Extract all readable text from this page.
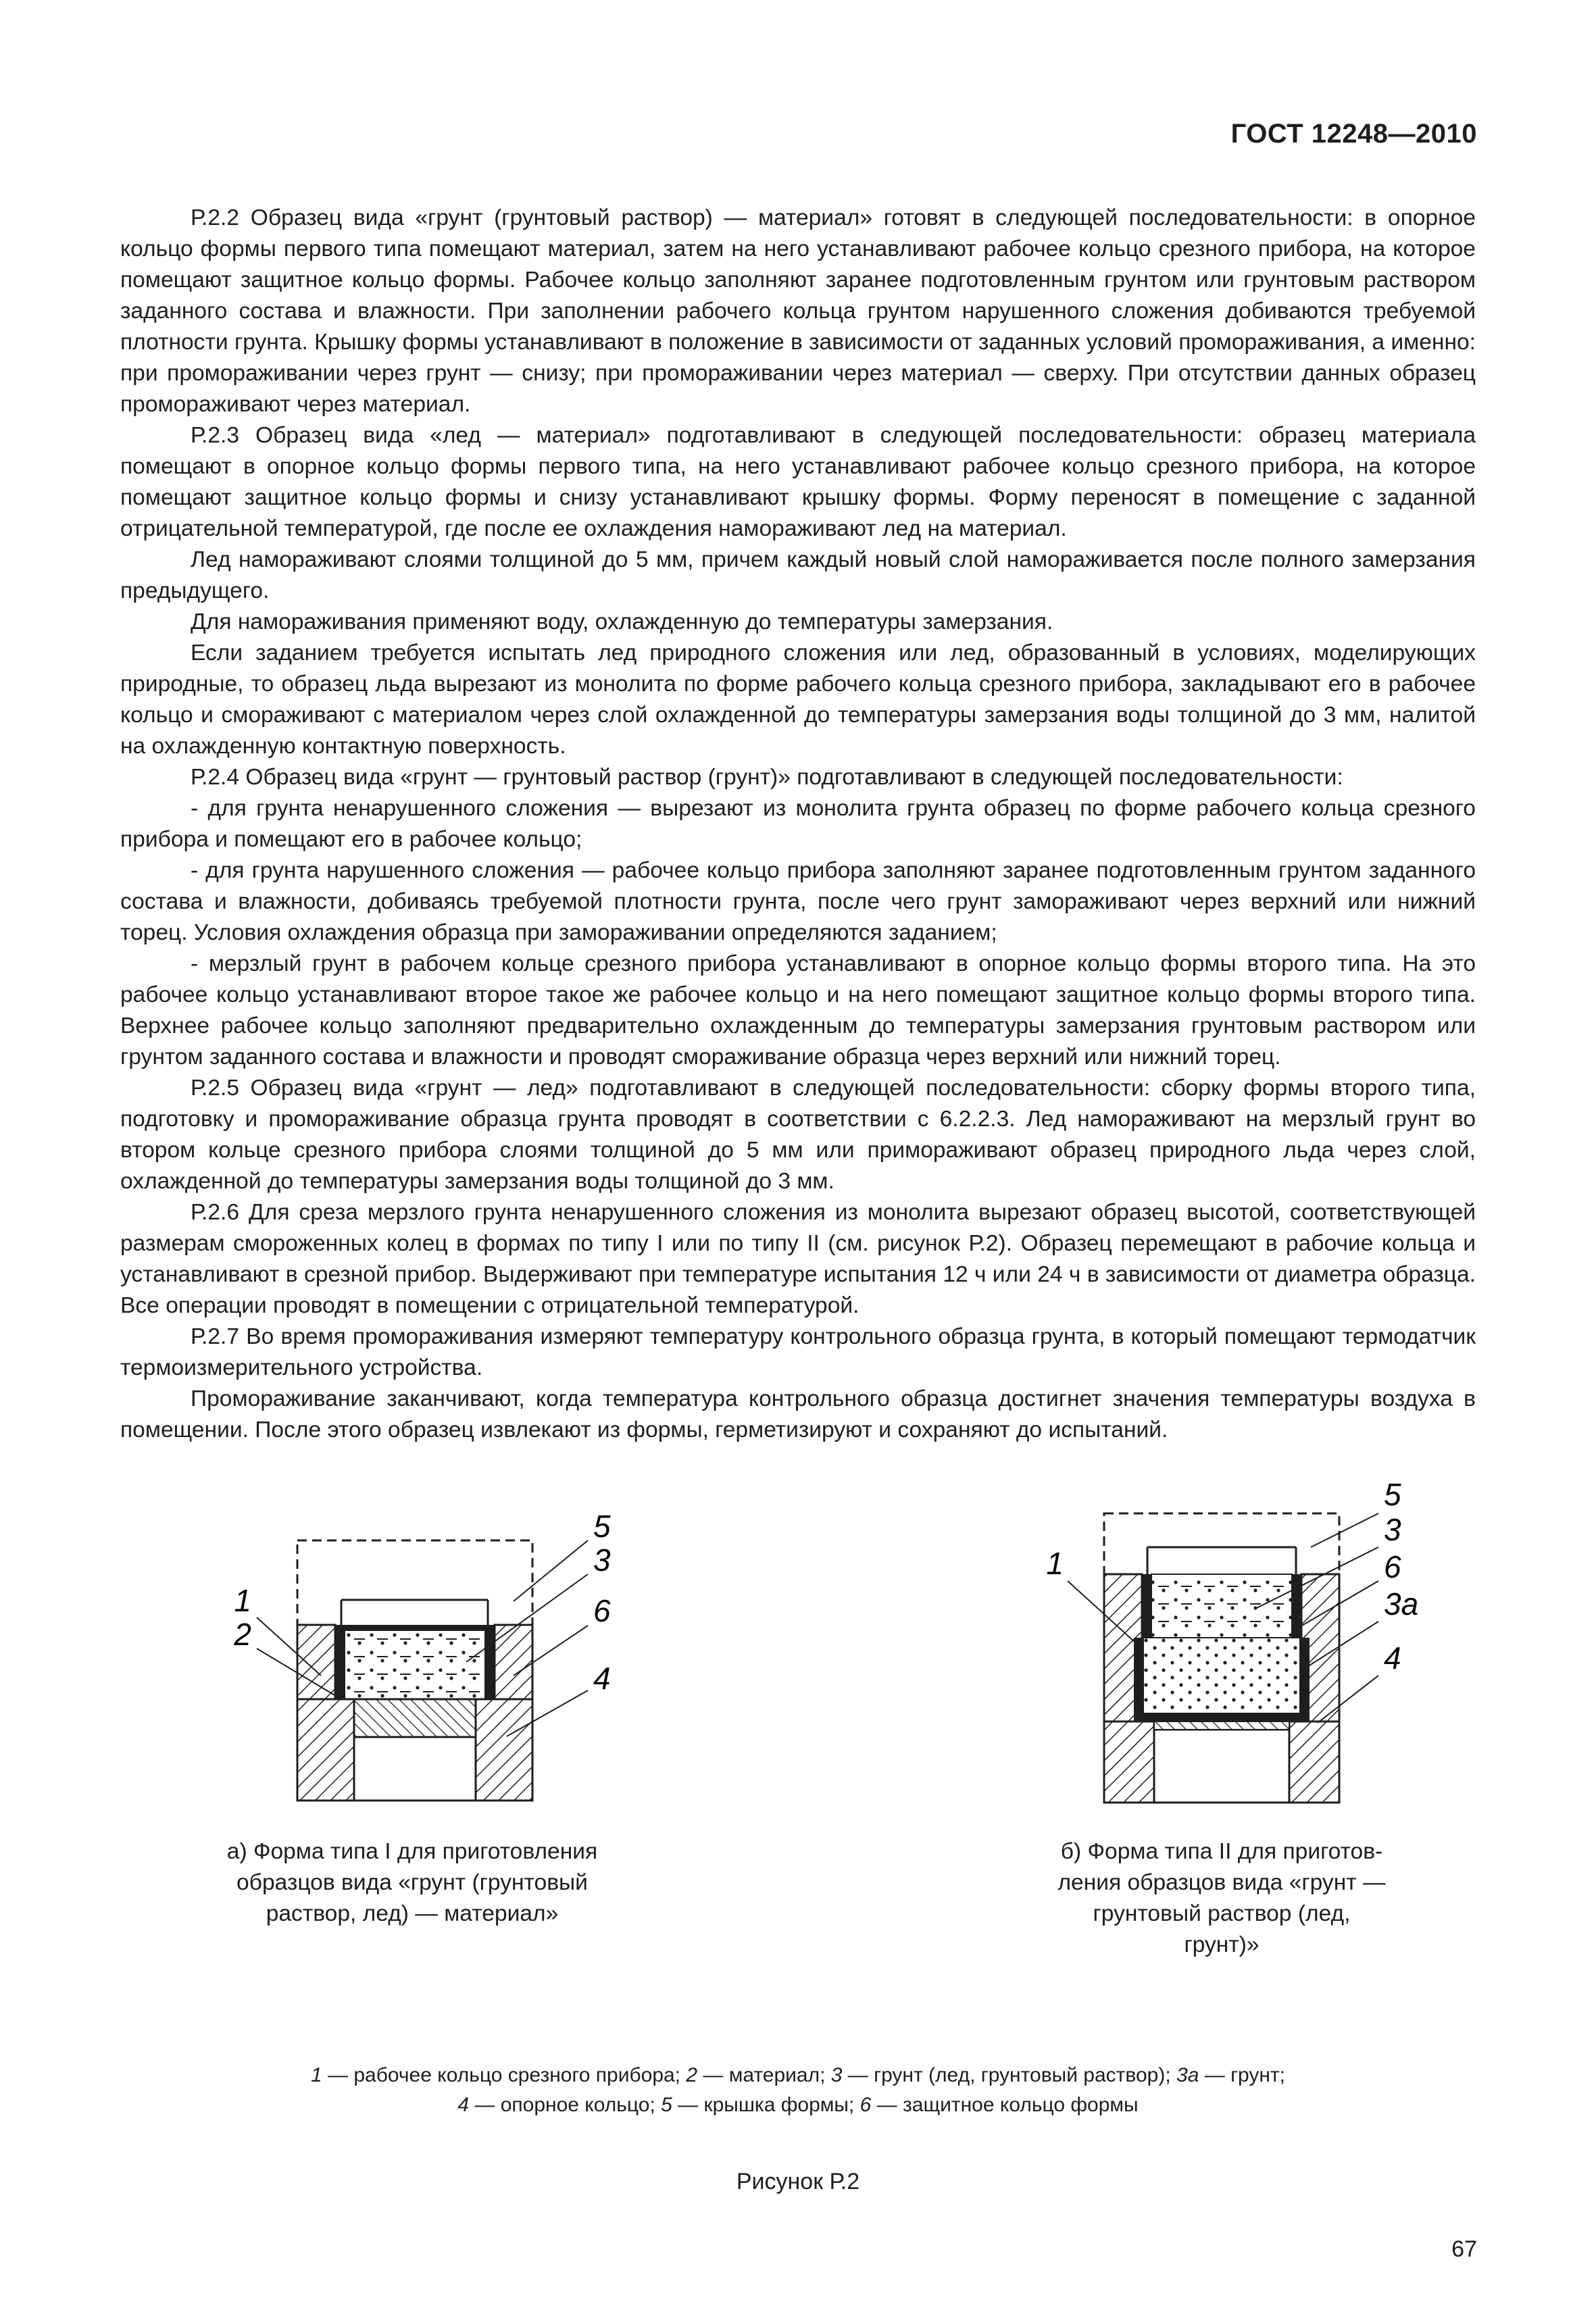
ГОСТ 12248—2010

Р.2.2 Образец вида «грунт (грунтовый раствор) — материал» готовят в следующей последовательности: в опорное кольцо формы первого типа помещают материал, затем на него устанавливают рабочее кольцо срезного прибора, на которое помещают защитное кольцо формы. Рабочее кольцо заполняют заранее подготовленным грунтом или грунтовым раствором заданного состава и влажности. При заполнении рабочего кольца грунтом нарушенного сложения добиваются требуемой плотности грунта. Крышку формы устанавливают в положение в зависимости от заданных условий промораживания, а именно: при промораживании через грунт — снизу; при промораживании через материал — сверху. При отсутствии данных образец промораживают через материал.

Р.2.3 Образец вида «лед — материал» подготавливают в следующей последовательности: образец материала помещают в опорное кольцо формы первого типа, на него устанавливают рабочее кольцо срезного прибора, на которое помещают защитное кольцо формы и снизу устанавливают крышку формы. Форму переносят в помещение с заданной отрицательной температурой, где после ее охлаждения намораживают лед на материал.

Лед намораживают слоями толщиной до 5 мм, причем каждый новый слой намораживается после полного замерзания предыдущего.

Для намораживания применяют воду, охлажденную до температуры замерзания.

Если заданием требуется испытать лед природного сложения или лед, образованный в условиях, моделирующих природные, то образец льда вырезают из монолита по форме рабочего кольца срезного прибора, закладывают его в рабочее кольцо и смораживают с материалом через слой охлажденной до температуры замерзания воды толщиной до 3 мм, налитой на охлажденную контактную поверхность.

Р.2.4 Образец вида «грунт — грунтовый раствор (грунт)» подготавливают в следующей последовательности:

- для грунта ненарушенного сложения — вырезают из монолита грунта образец по форме рабочего кольца срезного прибора и помещают его в рабочее кольцо;

- для грунта нарушенного сложения — рабочее кольцо прибора заполняют заранее подготовленным грунтом заданного состава и влажности, добиваясь требуемой плотности грунта, после чего грунт замораживают через верхний или нижний торец. Условия охлаждения образца при замораживании определяются заданием;

- мерзлый грунт в рабочем кольце срезного прибора устанавливают в опорное кольцо формы второго типа. На это рабочее кольцо устанавливают второе такое же рабочее кольцо и на него помещают защитное кольцо формы второго типа. Верхнее рабочее кольцо заполняют предварительно охлажденным до температуры замерзания грунтовым раствором или грунтом заданного состава и влажности и проводят смораживание образца через верхний или нижний торец.

Р.2.5 Образец вида «грунт — лед» подготавливают в следующей последовательности: сборку формы второго типа, подготовку и промораживание образца грунта проводят в соответствии с 6.2.2.3. Лед намораживают на мерзлый грунт во втором кольце срезного прибора слоями толщиной до 5 мм или примораживают образец природного льда через слой, охлажденной до температуры замерзания воды толщиной до 3 мм.

Р.2.6 Для среза мерзлого грунта ненарушенного сложения из монолита вырезают образец высотой, соответствующей размерам смороженных колец в формах по типу I или по типу II (см. рисунок Р.2). Образец перемещают в рабочие кольца и устанавливают в срезной прибор. Выдерживают при температуре испытания 12 ч или 24 ч в зависимости от диаметра образца. Все операции проводят в помещении с отрицательной температурой.

Р.2.7 Во время промораживания измеряют температуру контрольного образца грунта, в который помещают термодатчик термоизмерительного устройства.

Промораживание заканчивают, когда температура контрольного образца достигнет значения температуры воздуха в помещении. После этого образец извлекают из формы, герметизируют и сохраняют до испытаний.

1
2
3
4
5
6
1
3
3а
4
5
6
а) Форма типа I для приготовления
образцов вида «грунт (грунтовый
раствор, лед) — материал»
б) Форма типа II для приготов-
ления образцов вида «грунт —
грунтовый раствор (лед,
грунт)»
1 — рабочее кольцо срезного прибора; 2 — материал; 3 — грунт (лед, грунтовый раствор); 3а — грунт;
4 — опорное кольцо; 5 — крышка формы; 6 — защитное кольцо формы
Рисунок Р.2
67
